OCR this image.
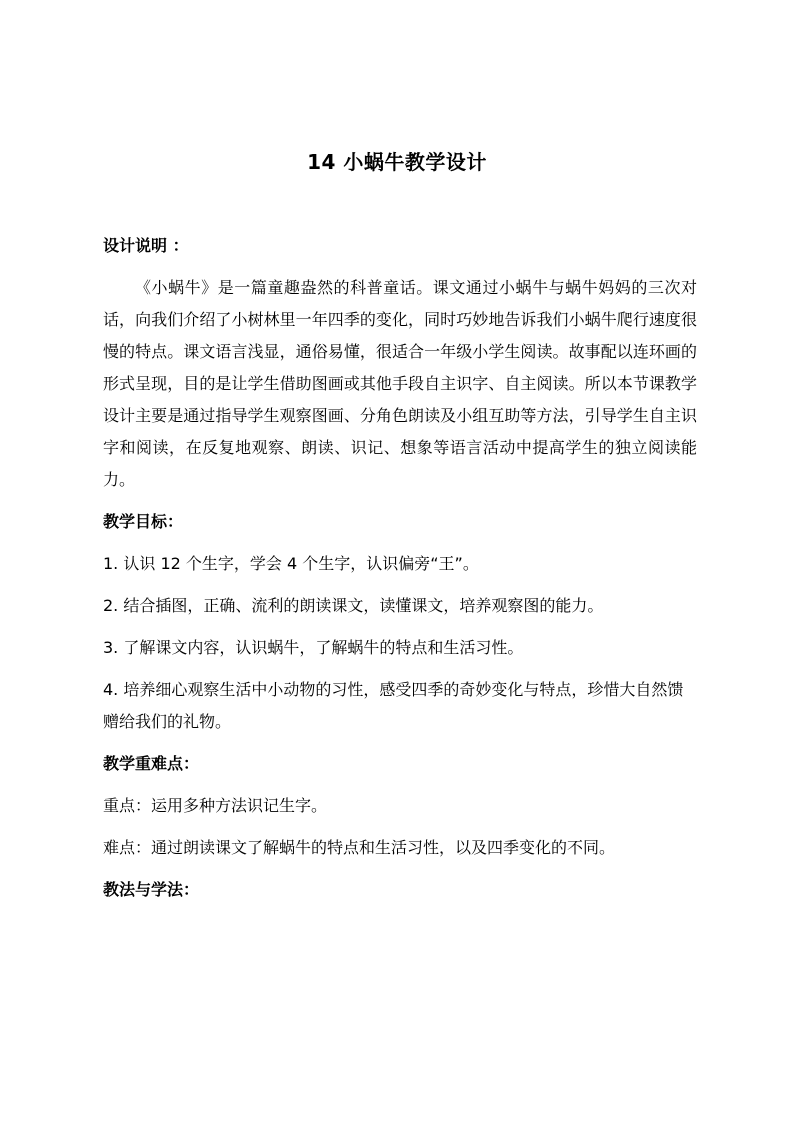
14 小蜗牛教学设计

设计说明 ：

《小蜗牛》是一篇童趣盎然的科普童话。课文通过小蜗牛与蜗牛妈妈的三次对话，向我们介绍了小树林里一年四季的变化，同时巧妙地告诉我们小蜗牛爬行速度很慢的特点。课文语言浅显，通俗易懂，很适合一年级小学生阅读。故事配以连环画的形式呈现，目的是让学生借助图画或其他手段自主识字、自主阅读。所以本节课教学设计主要是通过指导学生观察图画、分角色朗读及小组互助等方法，引导学生自主识字和阅读，在反复地观察、朗读、识记、想象等语言活动中提高学生的独立阅读能力。

教学目标：

1. 认识 12 个生字，学会 4 个生字，认识偏旁“王”。

2. 结合插图，正确、流利的朗读课文，读懂课文，培养观察图的能力。

3. 了解课文内容，认识蜗牛，了解蜗牛的特点和生活习性。

4. 培养细心观察生活中小动物的习性，感受四季的奇妙变化与特点，珍惜大自然馈赠给我们的礼物。

教学重难点：

重点：运用多种方法识记生字。

难点：通过朗读课文了解蜗牛的特点和生活习性，以及四季变化的不同。

教法与学法：
